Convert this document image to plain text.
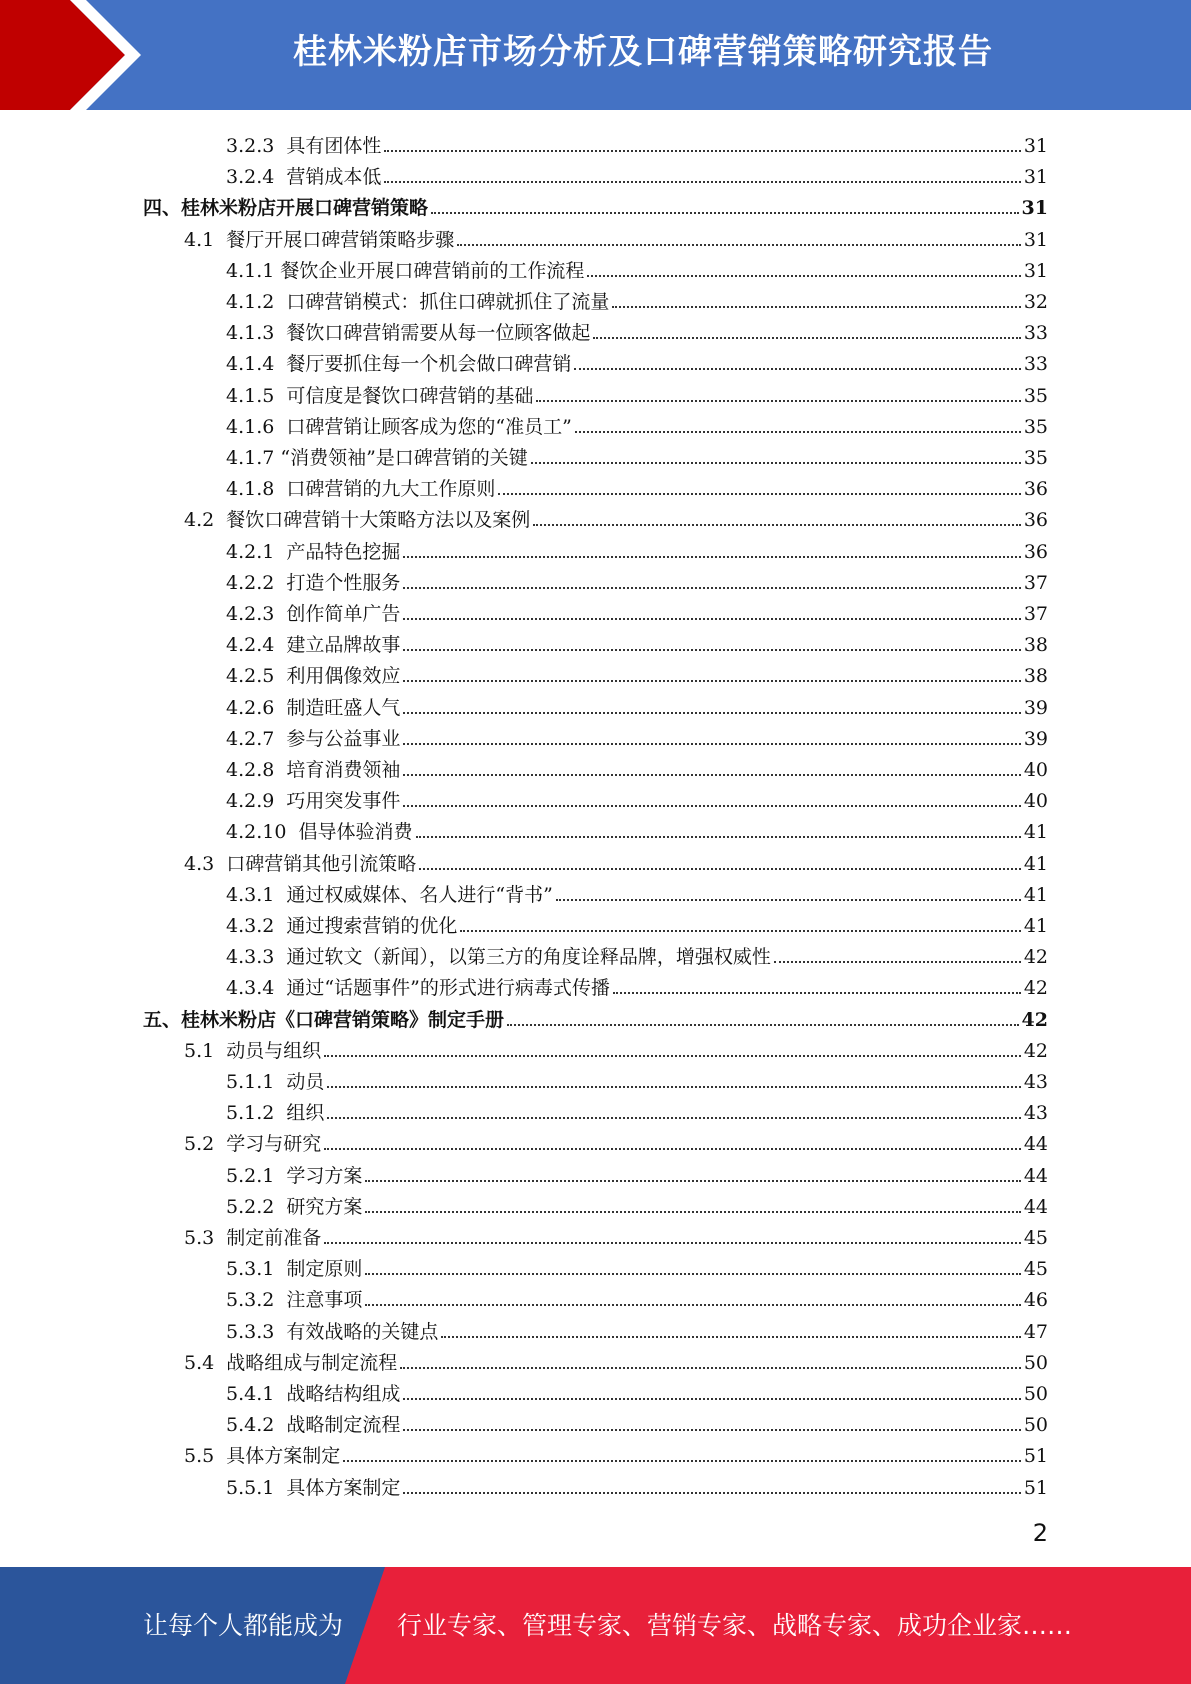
桂林米粉店市场分析及口碑营销策略研究报告
3.2.3  具有团体性	31
3.2.4  营销成本低	31
四、桂林米粉店开展口碑营销策略	31
4.1  餐厅开展口碑营销策略步骤	31
4.1.1 餐饮企业开展口碑营销前的工作流程	31
4.1.2  口碑营销模式：抓住口碑就抓住了流量	32
4.1.3  餐饮口碑营销需要从每一位顾客做起	33
4.1.4  餐厅要抓住每一个机会做口碑营销	33
4.1.5  可信度是餐饮口碑营销的基础	35
4.1.6  口碑营销让顾客成为您的“准员工”	35
4.1.7 “消费领袖”是口碑营销的关键	35
4.1.8  口碑营销的九大工作原则	36
4.2  餐饮口碑营销十大策略方法以及案例	36
4.2.1  产品特色挖掘	36
4.2.2  打造个性服务	37
4.2.3  创作简单广告	37
4.2.4  建立品牌故事	38
4.2.5  利用偶像效应	38
4.2.6  制造旺盛人气	39
4.2.7  参与公益事业	39
4.2.8  培育消费领袖	40
4.2.9  巧用突发事件	40
4.2.10  倡导体验消费	41
4.3  口碑营销其他引流策略	41
4.3.1  通过权威媒体、名人进行“背书”	41
4.3.2  通过搜索营销的优化	41
4.3.3  通过软文（新闻），以第三方的角度诠释品牌，增强权威性	42
4.3.4  通过“话题事件”的形式进行病毒式传播	42
五、桂林米粉店《口碑营销策略》制定手册	42
5.1  动员与组织	42
5.1.1  动员	43
5.1.2  组织	43
5.2  学习与研究	44
5.2.1  学习方案	44
5.2.2  研究方案	44
5.3  制定前准备	45
5.3.1  制定原则	45
5.3.2  注意事项	46
5.3.3  有效战略的关键点	47
5.4  战略组成与制定流程	50
5.4.1  战略结构组成	50
5.4.2  战略制定流程	50
5.5  具体方案制定	51
5.5.1  具体方案制定	51
2
让每个人都能成为 行业专家、管理专家、营销专家、战略专家、成功企业家……
